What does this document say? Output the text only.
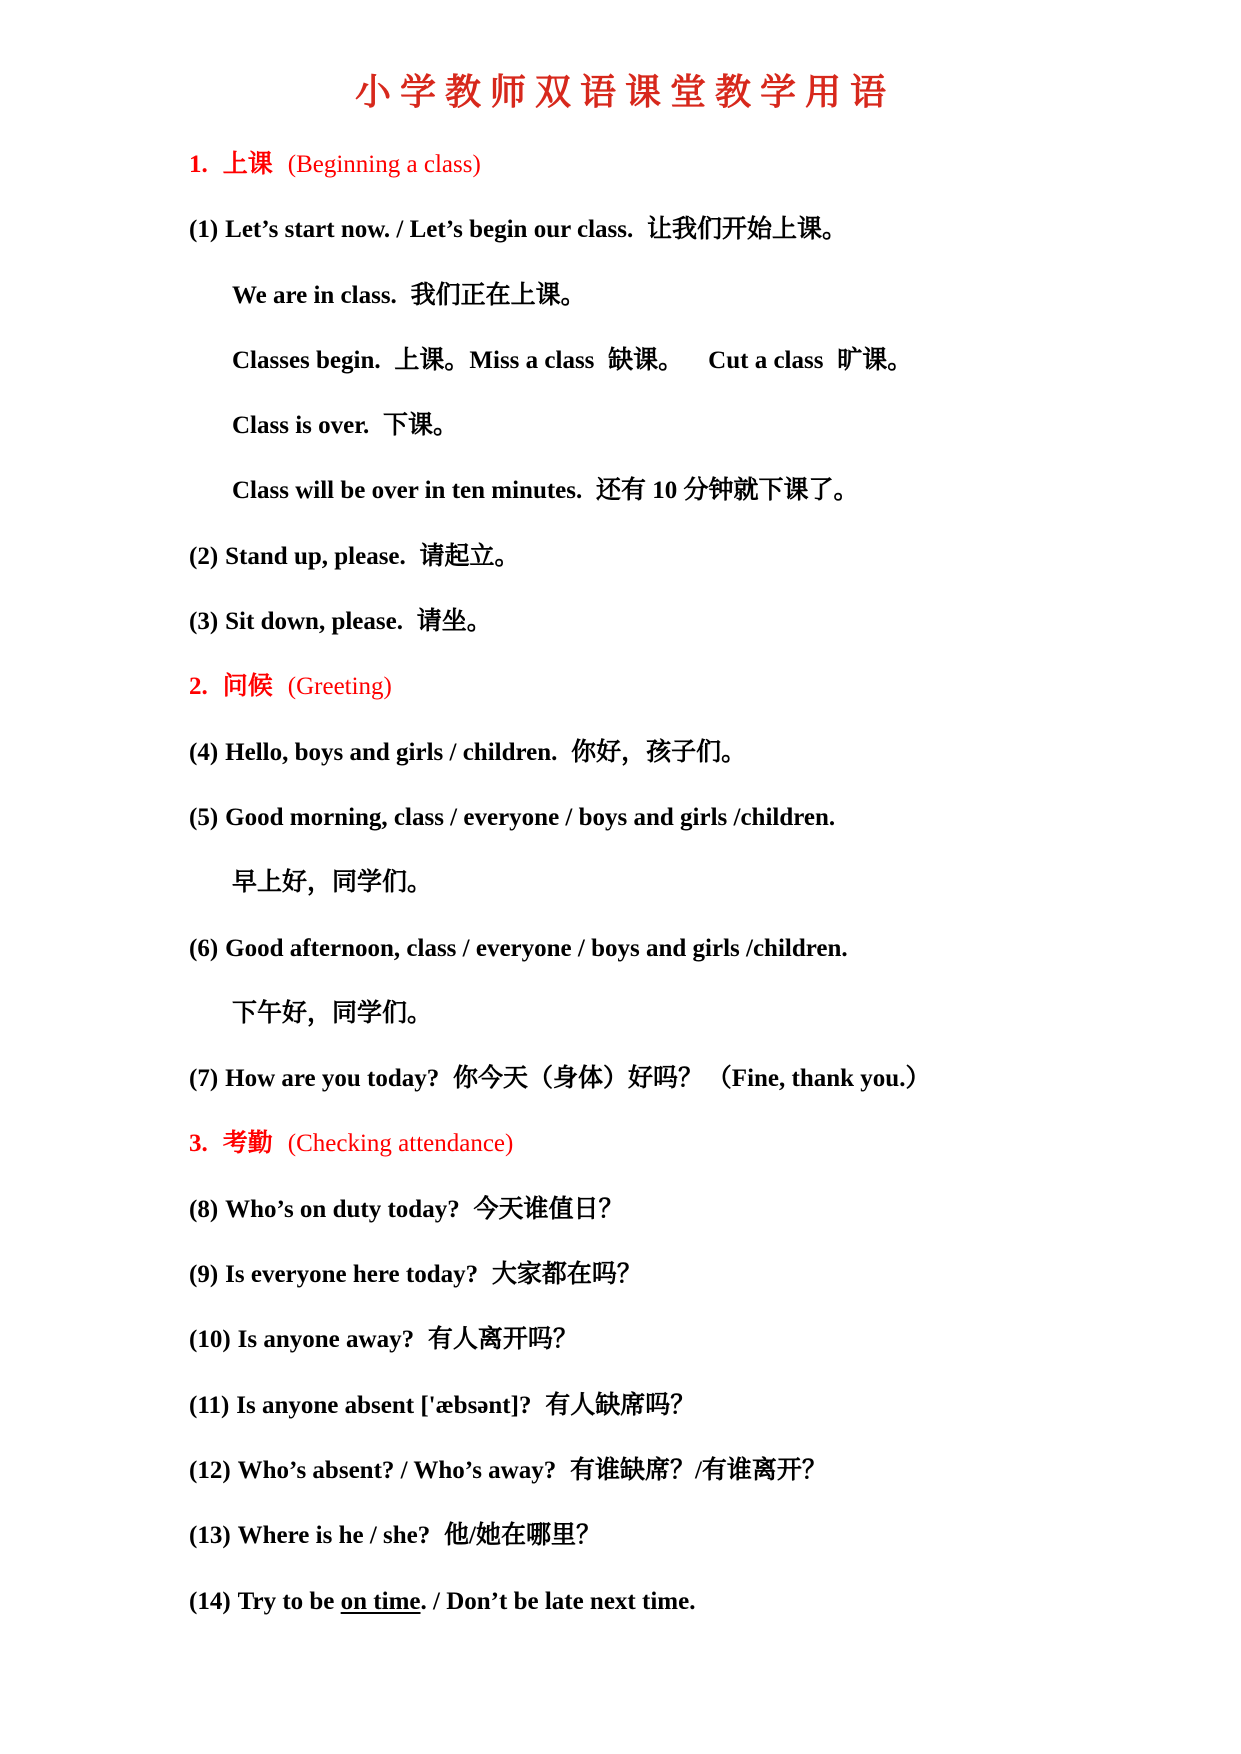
小学教师双语课堂教学用语
1. 上课 (Beginning a class)
(1) Let’s start now. / Let’s begin our class. 让我们开始上课。
We are in class. 我们正在上课。
Classes begin. 上课。Miss a class 缺课。 Cut a class 旷课。
Class is over. 下课。
Class will be over in ten minutes. 还有 10 分钟就下课了。
(2) Stand up, please. 请起立。
(3) Sit down, please. 请坐。
2. 问候 (Greeting)
(4) Hello, boys and girls / children. 你好，孩子们。
(5) Good morning, class / everyone / boys and girls /children.
早上好，同学们。
(6) Good afternoon, class / everyone / boys and girls /children.
下午好，同学们。
(7) How are you today? 你今天（身体）好吗？ （Fine, thank you.）
3. 考勤 (Checking attendance)
(8) Who’s on duty today? 今天谁值日？
(9) Is everyone here today? 大家都在吗？
(10) Is anyone away? 有人离开吗？
(11) Is anyone absent ['æbsənt]? 有人缺席吗？
(12) Who’s absent? / Who’s away? 有谁缺席？/有谁离开？
(13) Where is he / she? 他/她在哪里？
(14) Try to be on time. / Don’t be late next time.
